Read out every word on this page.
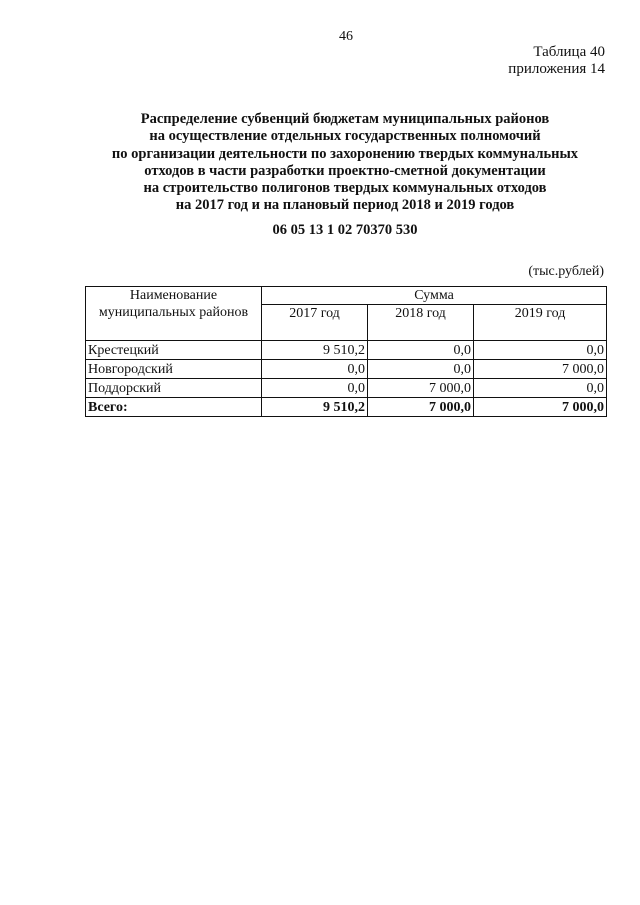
46
Таблица 40
приложения 14
Распределение субвенций бюджетам муниципальных районов
на осуществление отдельных государственных полномочий
по организации деятельности по захоронению твердых коммунальных
отходов в части разработки проектно-сметной документации
на строительство полигонов твердых коммунальных отходов
на 2017 год и на плановый период 2018 и 2019 годов
06 05 13 1 02 70370 530
(тыс.рублей)
Наименование
муниципальных районов	Сумма		
	2017 год	2018 год	2019 год
Крестецкий	9 510,2	0,0	0,0
Новгородский	0,0	0,0	7 000,0
Поддорский	0,0	7 000,0	0,0
Всего:	9 510,2	7 000,0	7 000,0
